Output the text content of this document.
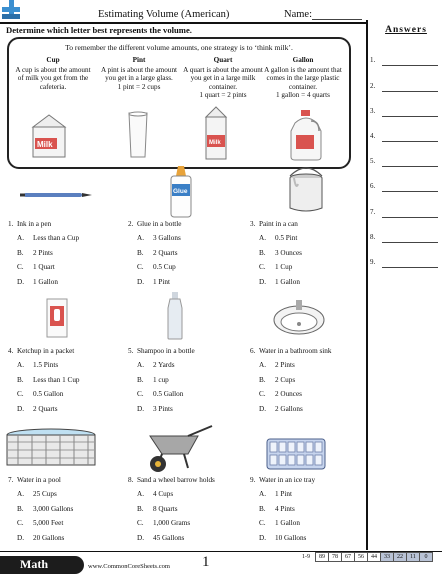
Estimating Volume (American)	Name:
Determine which letter best represents the volume.
To remember the different volume amounts, one strategy is to ‘think milk’.
Cup
A cup is about the amount of milk you get from the cafeteria.
Pint
A pint is about the amount you get in a large glass.
1 pint = 2 cups
Quart
A quart is about the amount you get in a large milk container.
1 quart = 2 pints
Gallon
A gallon is the amount that comes in the large plastic container.
1 gallon = 4 quarts
Milk	Milk
Answers
1.
2.
3.
4.
5.
6.
7.
8.
9.
Glue
1. Ink in a pen
A. Less than a Cup
B. 2 Pints
C. 1 Quart
D. 1 Gallon
2. Glue in a bottle
A. 3 Gallons
B. 2 Quarts
C. 0.5 Cup
D. 1 Pint
3. Paint in a can
A. 0.5 Pint
B. 3 Ounces
C. 1 Cup
D. 1 Gallon
4. Ketchup in a packet
A. 1.5 Pints
B. Less than 1 Cup
C. 0.5 Gallon
D. 2 Quarts
5. Shampoo in a bottle
A. 2 Yards
B. 1 cup
C. 0.5 Gallon
D. 3 Pints
6. Water in a bathroom sink
A. 2 Pints
B. 2 Cups
C. 2 Ounces
D. 2 Gallons
7. Water in a pool
A. 25 Cups
B. 3,000 Gallons
C. 5,000 Feet
D. 20 Gallons
8. Sand a wheel barrow holds
A. 4 Cups
B. 8 Quarts
C. 1,000 Grams
D. 45 Gallons
9. Water in an ice tray
A. 1 Pint
B. 4 Pints
C. 1 Gallon
D. 10 Gallons
Math	www.CommonCoreSheets.com 1	1-9	89	78	67	56	44	33	22	11	0
